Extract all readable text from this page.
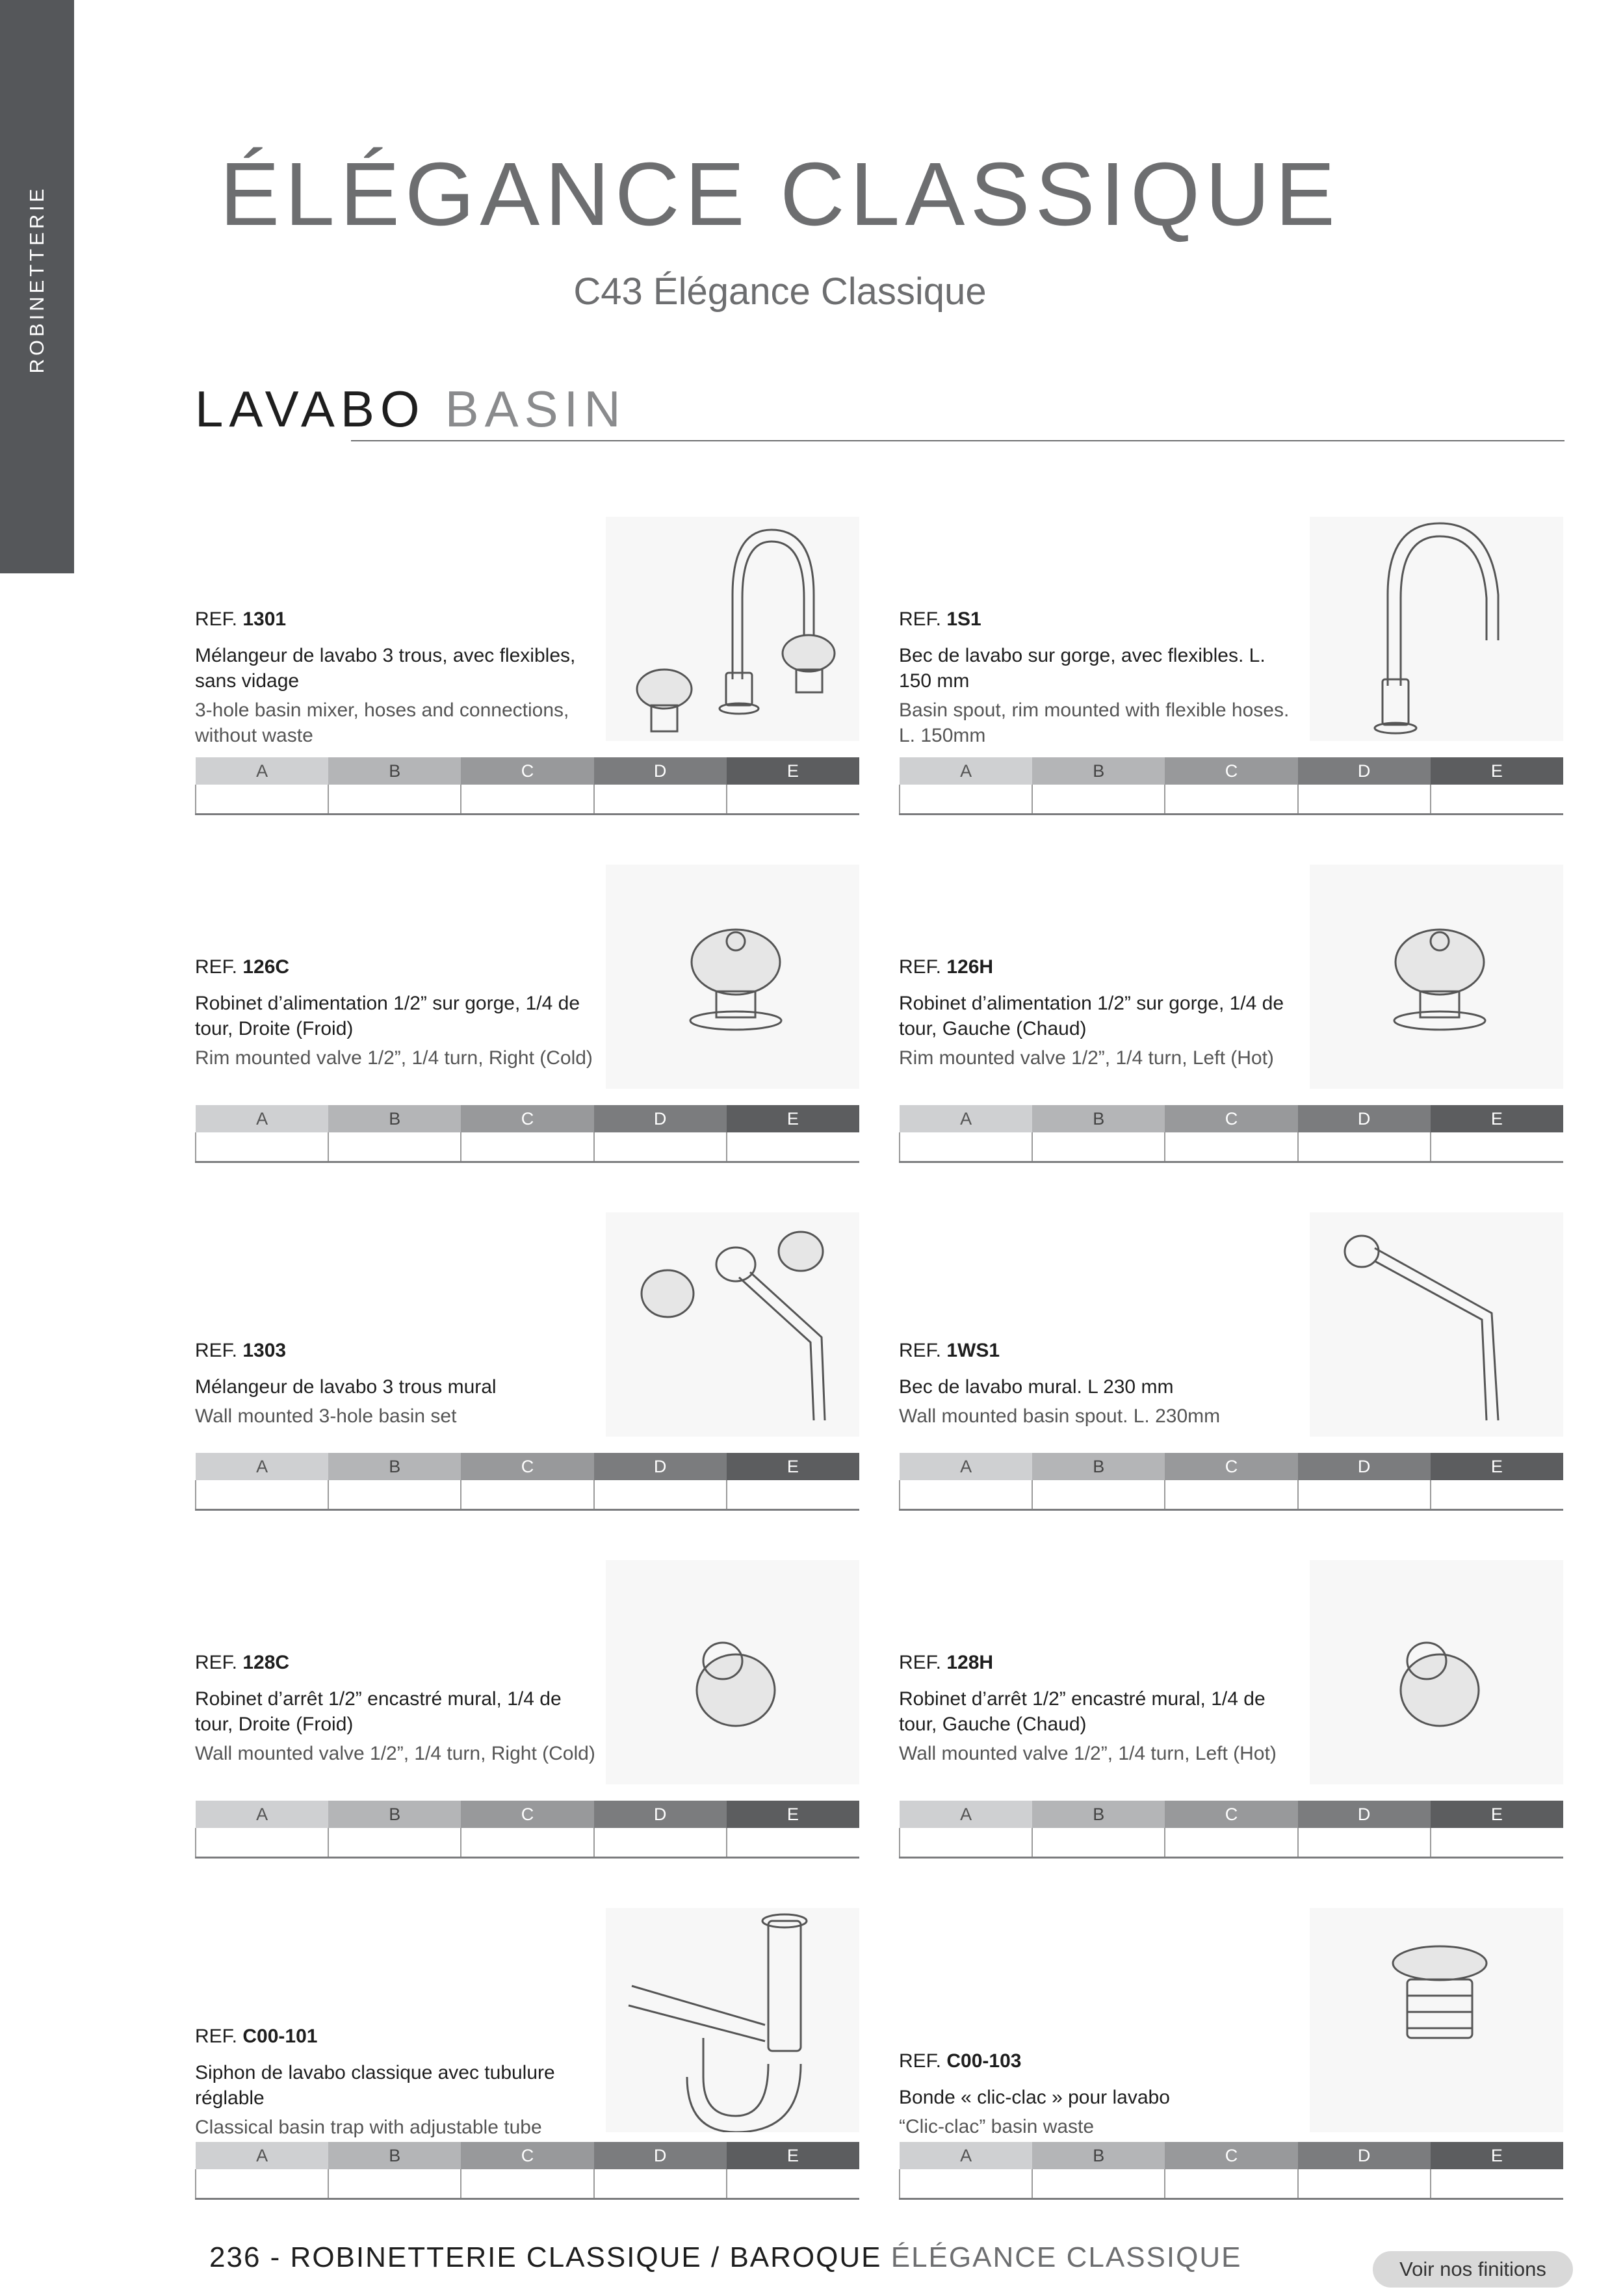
ROBINETTERIE ÉLÉGANCE CLASSIQUE
C43 Élégance Classique
LAVABO BASIN

REF. 1301

Mélangeur de lavabo 3 trous, avec flexibles, sans vidage

3-hole basin mixer, hoses and connections, without waste

A	B	C	D	E

REF. 1S1

Bec de lavabo sur gorge, avec flexibles. L. 150 mm

Basin spout, rim mounted with flexible hoses. L. 150mm

A	B	C	D	E

REF. 126C

Robinet d’alimentation 1/2” sur gorge, 1/4 de tour, Droite (Froid)

Rim mounted valve 1/2”, 1/4 turn, Right (Cold)

A	B	C	D	E

REF. 126H

Robinet d’alimentation 1/2” sur gorge, 1/4 de tour, Gauche (Chaud)

Rim mounted valve 1/2”, 1/4 turn, Left (Hot)

A	B	C	D	E

REF. 1303

Mélangeur de lavabo 3 trous mural

Wall mounted 3-hole basin set

A	B	C	D	E

REF. 1WS1

Bec de lavabo mural. L 230 mm

Wall mounted basin spout. L. 230mm

A	B	C	D	E

REF. 128C

Robinet d’arrêt 1/2” encastré mural, 1/4 de tour, Droite (Froid)

Wall mounted valve 1/2”, 1/4 turn, Right (Cold)

A	B	C	D	E

REF. 128H

Robinet d’arrêt 1/2” encastré mural, 1/4 de tour, Gauche (Chaud)

Wall mounted valve 1/2”, 1/4 turn, Left (Hot)

A	B	C	D	E

REF. C00-101

Siphon de lavabo classique avec tubulure réglable

Classical basin trap with adjustable tube

A	B	C	D	E

REF. C00-103

Bonde « clic-clac » pour lavabo

“Clic-clac” basin waste

A	B	C	D	E

236 - ROBINETTERIE CLASSIQUE / BAROQUE ÉLÉGANCE CLASSIQUE	Voir nos finitions
